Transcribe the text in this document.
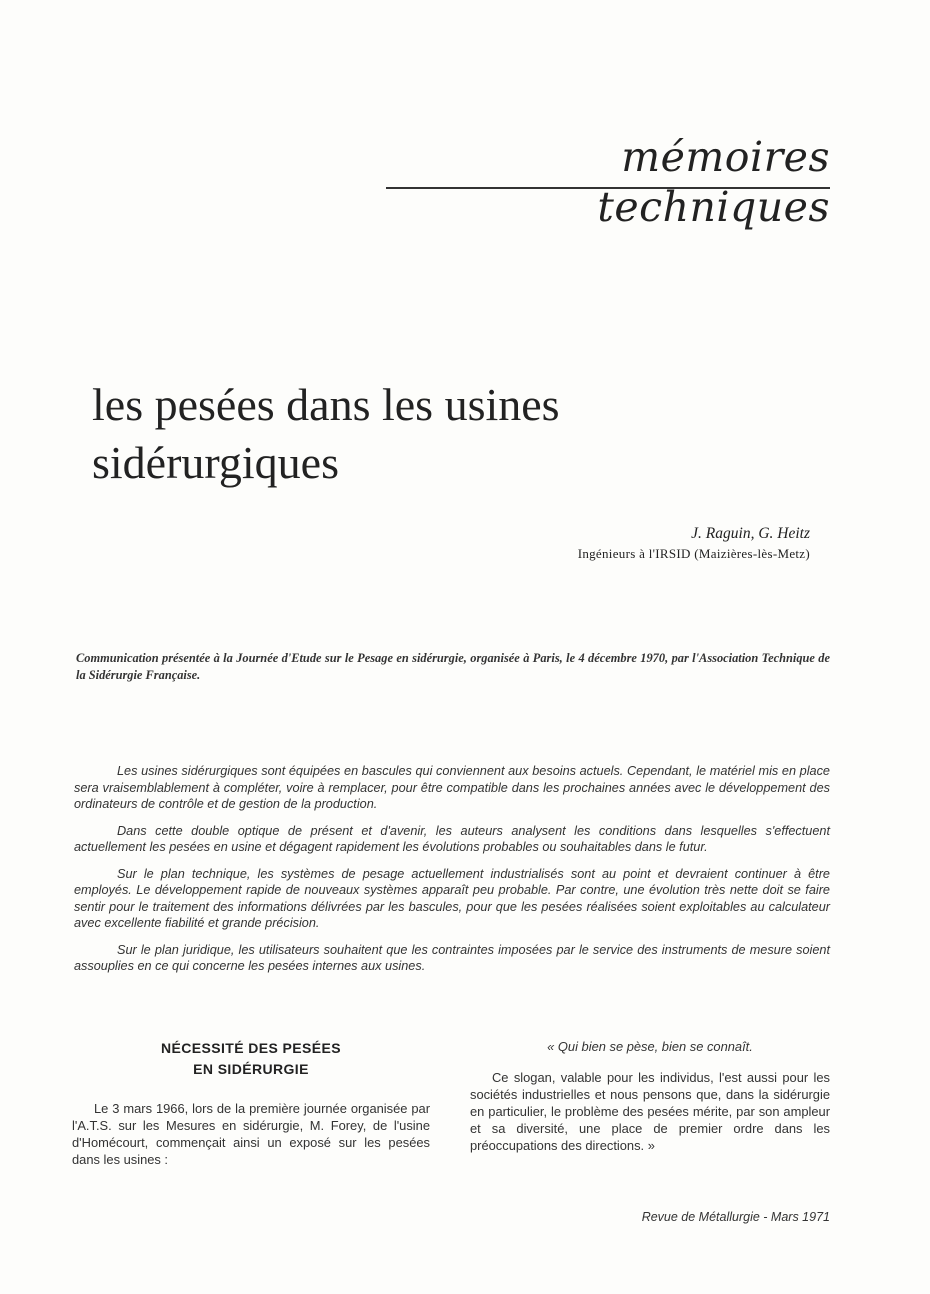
mémoires techniques
les pesées dans les usines
sidérurgiques

J. Raguin, G. Heitz

Ingénieurs à l'IRSID (Maizières-lès-Metz)

Communication présentée à la Journée d'Etude sur le Pesage en sidérurgie, organisée à Paris, le 4 décembre 1970, par l'Association Technique de la Sidérurgie Française.

Les usines sidérurgiques sont équipées en bascules qui conviennent aux besoins actuels. Cependant, le matériel mis en place sera vraisemblablement à compléter, voire à remplacer, pour être compatible dans les prochaines années avec le développement des ordinateurs de contrôle et de gestion de la production.

Dans cette double optique de présent et d'avenir, les auteurs analysent les conditions dans lesquelles s'effectuent actuellement les pesées en usine et dégagent rapidement les évolutions probables ou souhaitables dans le futur.

Sur le plan technique, les systèmes de pesage actuellement industrialisés sont au point et devraient continuer à être employés. Le développement rapide de nouveaux systèmes apparaît peu probable. Par contre, une évolution très nette doit se faire sentir pour le traitement des informations délivrées par les bascules, pour que les pesées réalisées soient exploitables au calculateur avec excellente fiabilité et grande précision.

Sur le plan juridique, les utilisateurs souhaitent que les contraintes imposées par le service des instruments de mesure soient assouplies en ce qui concerne les pesées internes aux usines.

NÉCESSITÉ DES PESÉES
EN SIDÉRURGIE

Le 3 mars 1966, lors de la première journée organisée par l'A.T.S. sur les Mesures en sidérurgie, M. Forey, de l'usine d'Homécourt, commençait ainsi un exposé sur les pesées dans les usines :

« Qui bien se pèse, bien se connaît.

Ce slogan, valable pour les individus, l'est aussi pour les sociétés industrielles et nous pensons que, dans la sidérurgie en particulier, le problème des pesées mérite, par son ampleur et sa diversité, une place de premier ordre dans les préoccupations des directions. »

Revue de Métallurgie - Mars 1971
